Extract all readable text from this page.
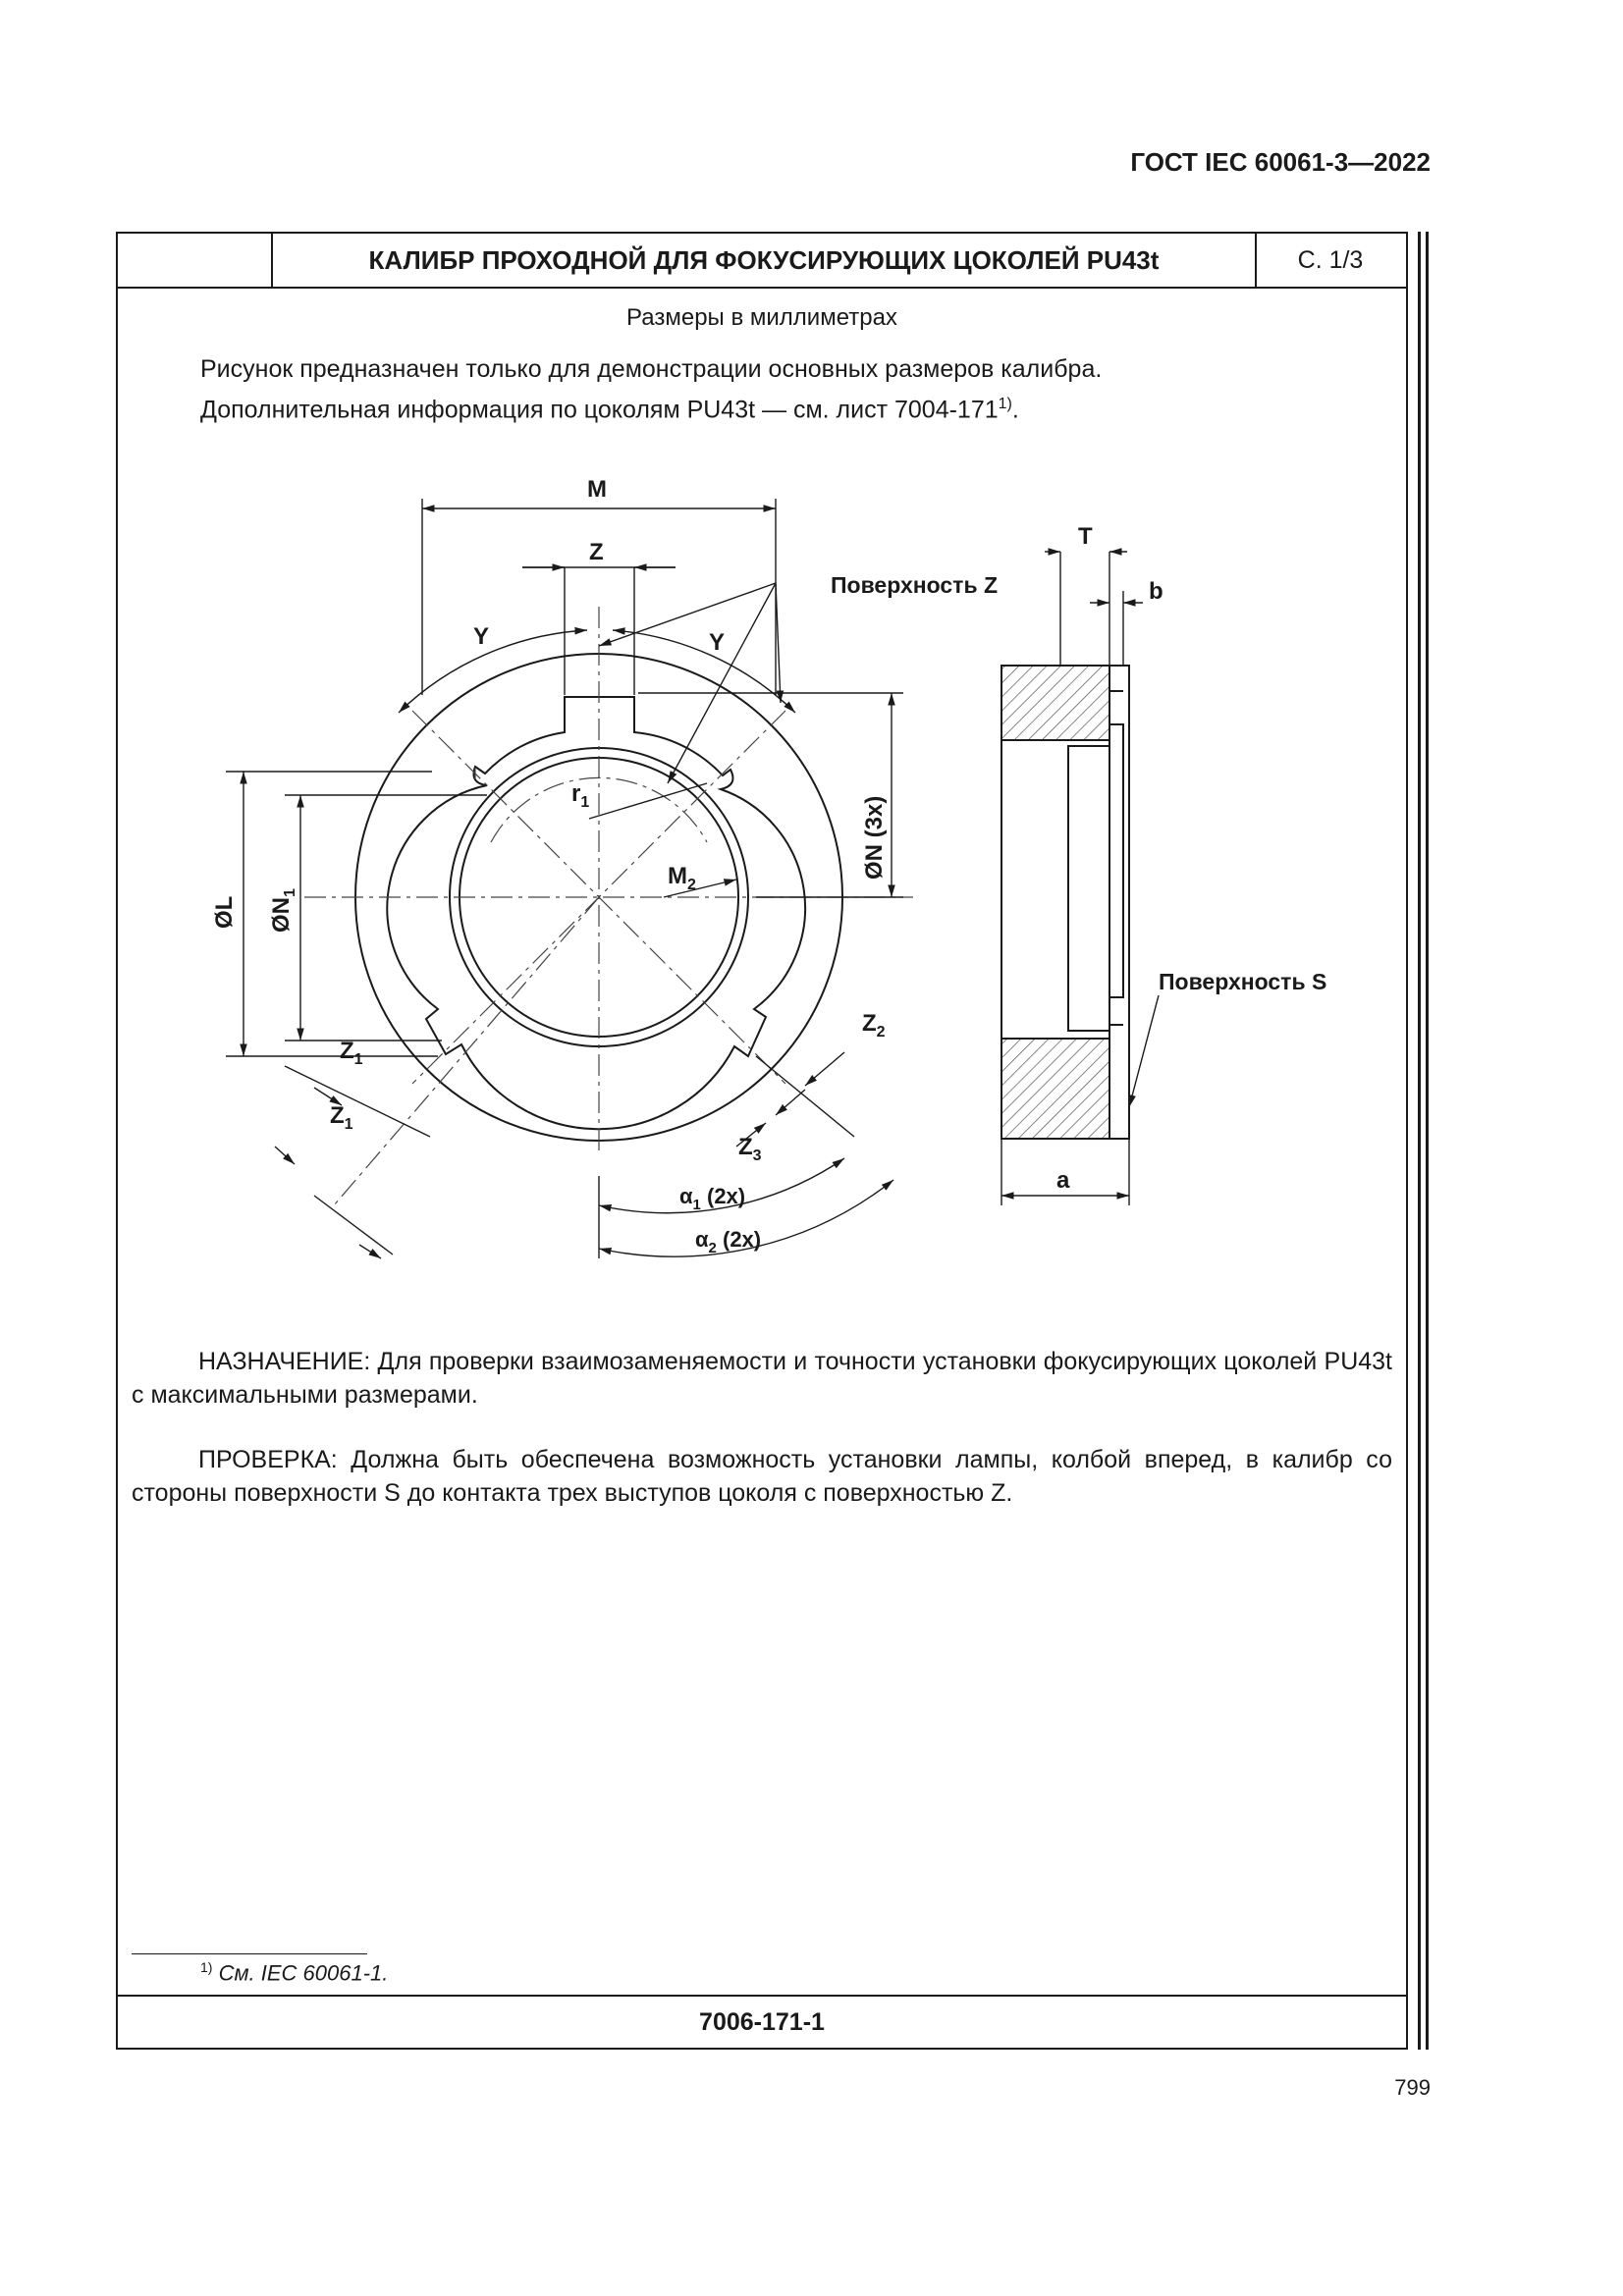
ГОСТ IEC 60061-3—2022
КАЛИБР ПРОХОДНОЙ ДЛЯ ФОКУСИРУЮЩИХ ЦОКОЛЕЙ PU43t	С. 1/3
Размеры в миллиметрах
Рисунок предназначен только для демонстрации основных размеров калибра.
Дополнительная информация по цоколям PU43t — см. лист 7004-171$^{1)}$.
M
Z
Y	Y
Поверхность Z
T
b
$r_1$	ØN (3x)
$M_2$
ØL $ØN_1$
$Z_1$
$Z_1$
$Z_2$
$Z_3$
Поверхность S
a
$\alpha_1$ (2x)
$\alpha_2$ (2x)
НАЗНАЧЕНИЕ: Для проверки взаимозаменяемости и точности установки фокусирующих цоколей PU43t с максимальными размерами.
ПРОВЕРКА: Должна быть обеспечена возможность установки лампы, колбой вперед, в калибр со стороны поверхности S до контакта трех выступов цоколя с поверхностью Z.
$^{1)}$ См. IEC 60061-1.
7006-171-1
799
